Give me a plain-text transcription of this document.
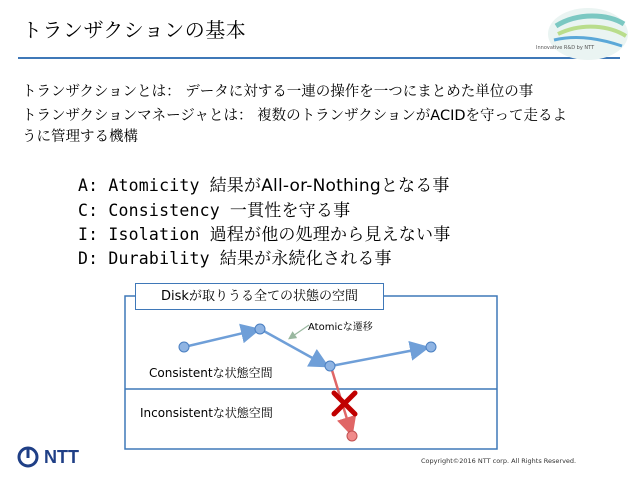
トランザクションの基本
Innovative R&D by NTT
トランザクションとは： データに対する一連の操作を一つにまとめた単位の事
トランザクションマネージャとは： 複数のトランザクションがACIDを守って走るよ
うに管理する機構
A: Atomicity 結果がAll-or-Nothingとなる事
C: Consistency 一貫性を守る事
I: Isolation 過程が他の処理から見えない事
D: Durability 結果が永続化される事
Diskが取りうる全ての状態の空間
Atomicな遷移
Consistentな状態空間
Inconsistentな状態空間
NTT	Copyright©2016 NTT corp. All Rights Reserved.
